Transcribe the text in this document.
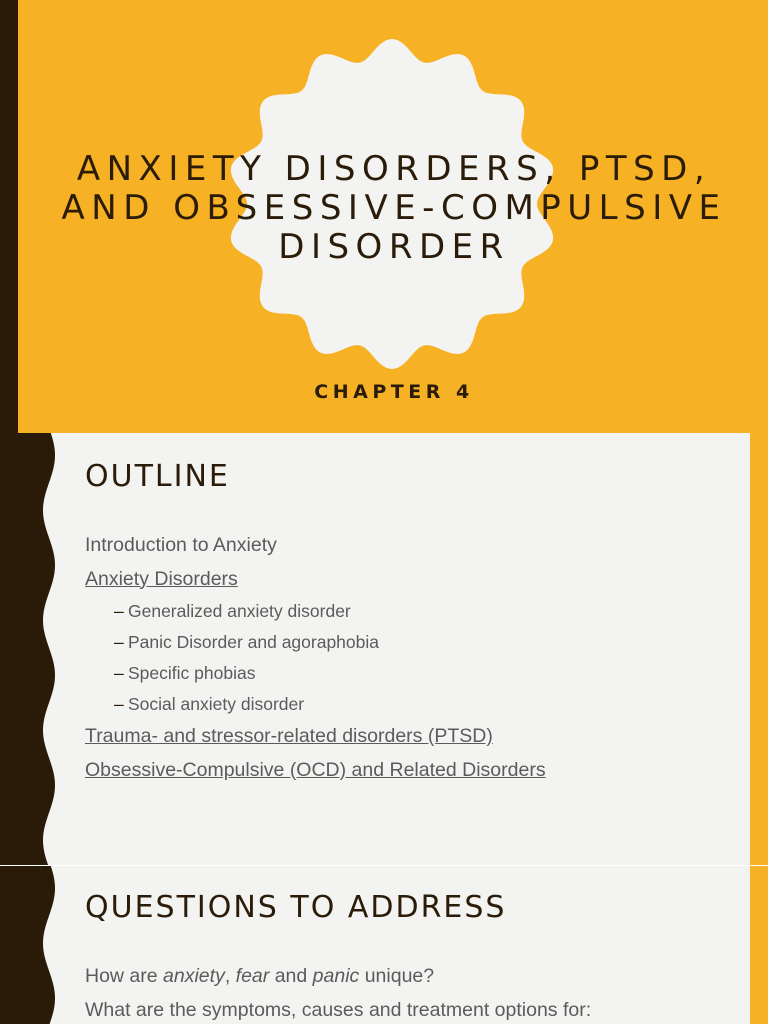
ANXIETY DISORDERS, PTSD, AND OBSESSIVE-COMPULSIVE DISORDER

CHAPTER 4

OUTLINE
Introduction to Anxiety
Anxiety Disorders
– Generalized anxiety disorder
– Panic Disorder and agoraphobia
– Specific phobias
– Social anxiety disorder
Trauma- and stressor-related disorders (PTSD)
Obsessive-Compulsive (OCD) and Related Disorders
QUESTIONS TO ADDRESS
How are anxiety, fear and panic unique?
What are the symptoms, causes and treatment options for:
